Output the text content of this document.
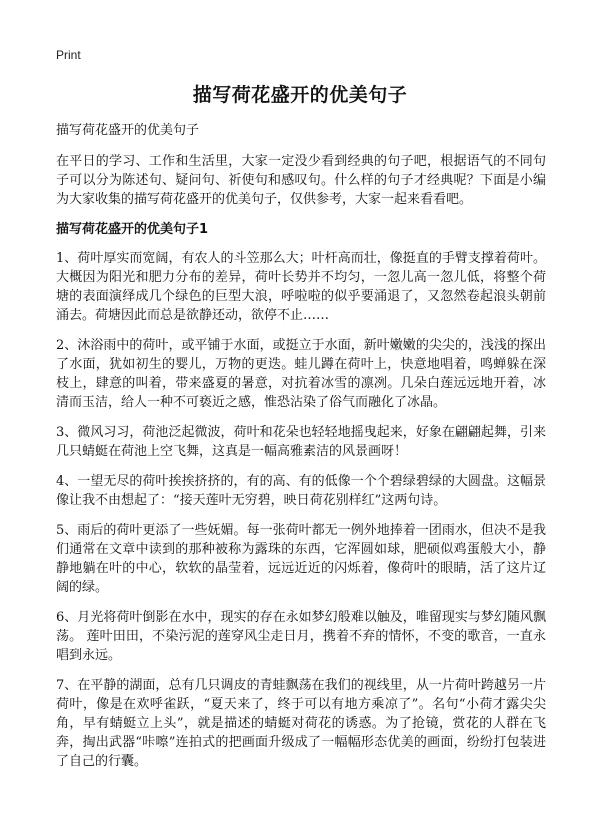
Print
描写荷花盛开的优美句子

描写荷花盛开的优美句子

在平日的学习、工作和生活里，大家一定没少看到经典的句子吧，根据语气的不同句子可以分为陈述句、疑问句、祈使句和感叹句。什么样的句子才经典呢？下面是小编为大家收集的描写荷花盛开的优美句子，仅供参考，大家一起来看看吧。

描写荷花盛开的优美句子1

1、荷叶厚实而宽阔，有农人的斗笠那么大；叶杆高而壮，像挺直的手臂支撑着荷叶。大概因为阳光和肥力分布的差异，荷叶长势并不均匀，一忽儿高一忽儿低，将整个荷塘的表面演绎成几个绿色的巨型大浪，呼啦啦的似乎要涌退了，又忽然卷起浪头朝前涌去。荷塘因此而总是欲静还动，欲停不止……

2、沐浴雨中的荷叶，或平铺于水面，或挺立于水面，新叶嫩嫩的尖尖的，浅浅的探出了水面，犹如初生的婴儿，万物的更迭。蛙儿蹲在荷叶上，快意地唱着，鸣蝉躲在深枝上，肆意的叫着，带来盛夏的暑意，对抗着冰雪的凛冽。几朵白莲远远地开着，冰清而玉洁，给人一种不可亵近之感，惟恐沾染了俗气而融化了冰晶。

3、微风习习，荷池泛起微波，荷叶和花朵也轻轻地摇曳起来，好象在翩翩起舞，引来几只蜻蜓在荷池上空飞舞，这真是一幅高雅素洁的风景画呀！

4、一望无尽的荷叶挨挨挤挤的，有的高、有的低像一个个碧绿碧绿的大圆盘。这幅景像让我不由想起了：“接天莲叶无穷碧，映日荷花别样红”这两句诗。

5、雨后的荷叶更添了一些妩媚。每一张荷叶都无一例外地捧着一团雨水，但决不是我们通常在文章中读到的那种被称为露珠的东西，它浑圆如球，肥硕似鸡蛋般大小，静静地躺在叶的中心，软软的晶莹着，远远近近的闪烁着，像荷叶的眼睛，活了这片辽阔的绿。

6、月光将荷叶倒影在水中，现实的存在永如梦幻般难以触及，唯留现实与梦幻随风飘荡。 莲叶田田，不染污泥的莲穿风尘走日月，携着不弃的情怀，不变的歌音，一直永唱到永远。

7、在平静的湖面，总有几只调皮的青蛙飘荡在我们的视线里，从一片荷叶跨越另一片荷叶，像是在欢呼雀跃，“夏天来了，终于可以有地方乘凉了”。名句“小荷才露尖尖角，早有蜻蜓立上头”，就是描述的蜻蜓对荷花的诱惑。为了抢镜，赏花的人群在飞奔，掏出武器“咔嚓”连拍式的把画面升级成了一幅幅形态优美的画面，纷纷打包装进了自己的行囊。
